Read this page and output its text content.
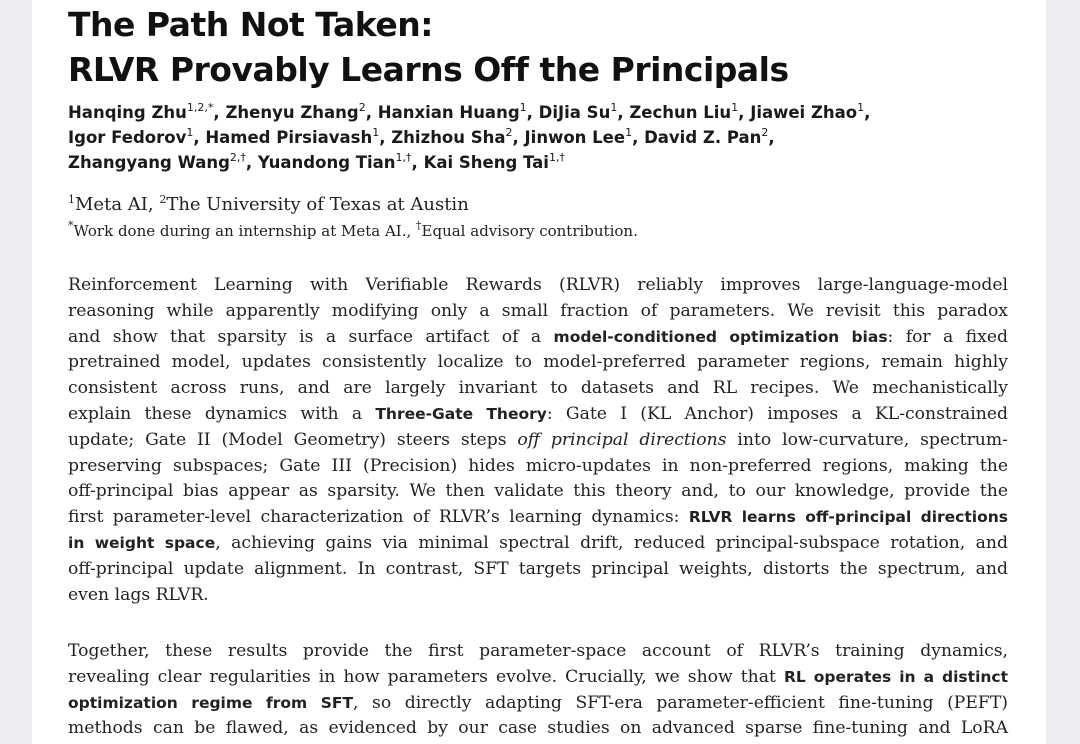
The Path Not Taken:
RLVR Provably Learns Off the Principals
Hanqing Zhu$^{1,2,*}$, Zhenyu Zhang$^2$, Hanxian Huang$^1$, DiJia Su$^1$, Zechun Liu$^1$, Jiawei Zhao$^1$,
Igor Fedorov$^1$, Hamed Pirsiavash$^1$, Zhizhou Sha$^2$, Jinwon Lee$^1$, David Z. Pan$^2$,
Zhangyang Wang$^{2,\dagger}$, Yuandong Tian$^{1,\dagger}$, Kai Sheng Tai$^{1,\dagger}$
$^1$Meta AI, $^2$The University of Texas at Austin
*Work done during an internship at Meta AI., †Equal advisory contribution.
Reinforcement Learning with Verifiable Rewards (RLVR) reliably improves large-language-model
reasoning while apparently modifying only a small fraction of parameters. We revisit this paradox
and show that sparsity is a surface artifact of a model-conditioned optimization bias: for a fixed
pretrained model, updates consistently localize to model-preferred parameter regions, remain highly
consistent across runs, and are largely invariant to datasets and RL recipes. We mechanistically
explain these dynamics with a Three-Gate Theory: Gate I (KL Anchor) imposes a KL-constrained
update; Gate II (Model Geometry) steers steps off principal directions into low-curvature, spectrum-
preserving subspaces; Gate III (Precision) hides micro-updates in non-preferred regions, making the
off-principal bias appear as sparsity. We then validate this theory and, to our knowledge, provide the
first parameter-level characterization of RLVR’s learning dynamics: RLVR learns off-principal directions
in weight space, achieving gains via minimal spectral drift, reduced principal-subspace rotation, and
off-principal update alignment. In contrast, SFT targets principal weights, distorts the spectrum, and
even lags RLVR.
Together, these results provide the first parameter-space account of RLVR’s training dynamics,
revealing clear regularities in how parameters evolve. Crucially, we show that RL operates in a distinct
optimization regime from SFT, so directly adapting SFT-era parameter-efficient fine-tuning (PEFT)
methods can be flawed, as evidenced by our case studies on advanced sparse fine-tuning and LoRA
